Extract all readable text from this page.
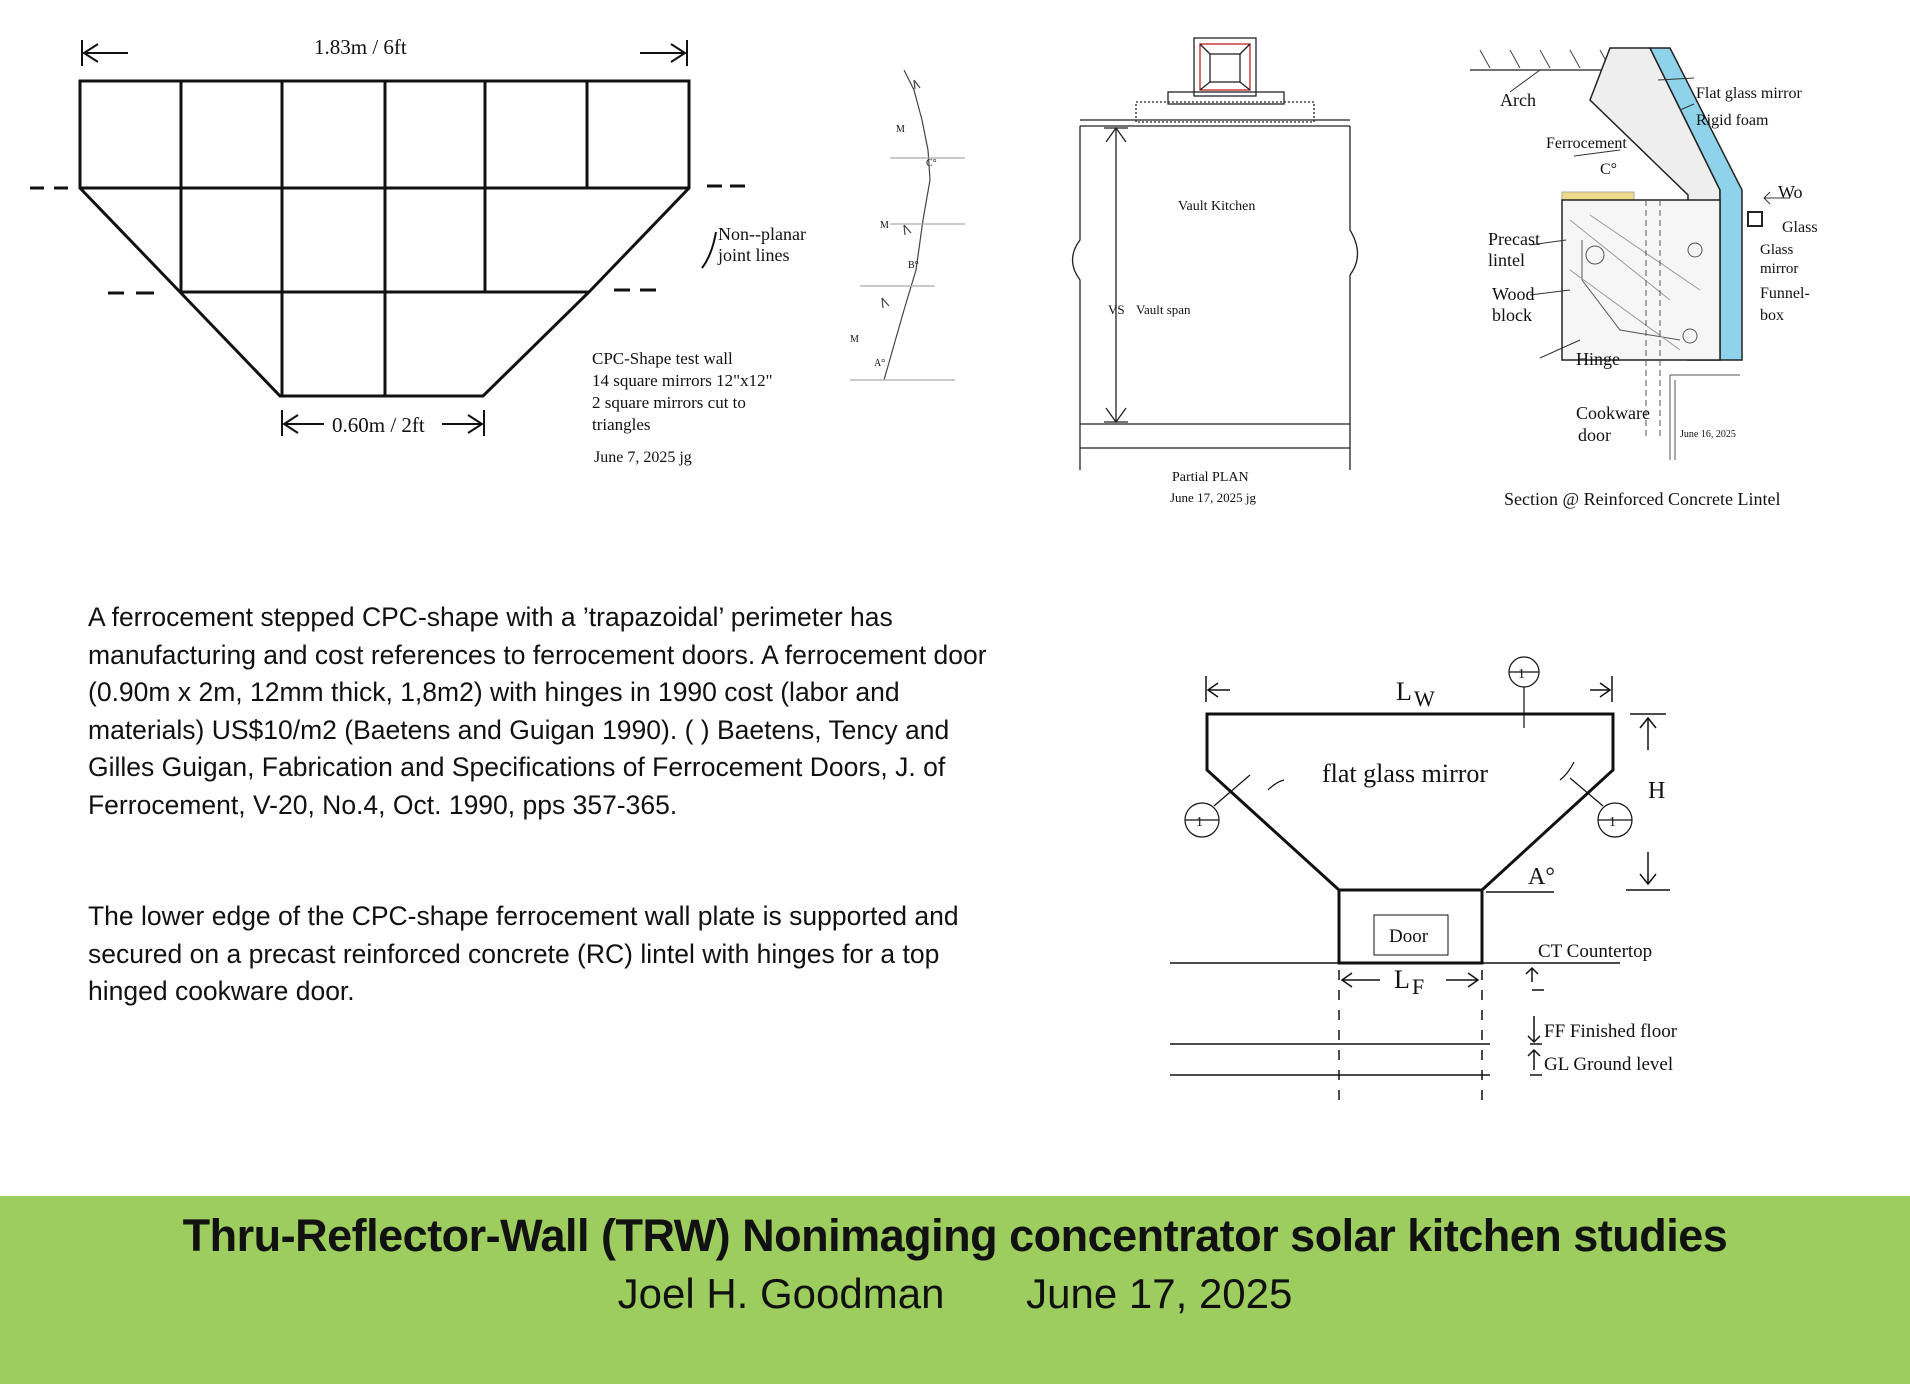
1.83m / 6ft
0.60m / 2ft
Non--planar
joint lines
CPC-Shape test wall
14 square mirrors 12"x12"
2 square mirrors cut to
triangles
June 7, 2025 jg
M
C°
M
B°
M
A°
Vault Kitchen
VS Vault span
Partial PLAN
June 17, 2025 jg
Arch	Flat glass mirror
Rigid foam
Ferrocement
C°
Wo
Glass
Glass
mirror
Funnel-
box
Precast
lintel
Wood
block
Hinge
Cookware
door	June 16, 2025
Section @ Reinforced Concrete Lintel

A ferrocement stepped CPC-shape with a ’trapazoidal’ perimeter has manufacturing and cost references to ferrocement doors. A ferrocement door (0.90m x 2m, 12mm thick, 1,8m2) with hinges in 1990 cost (labor and materials) US$10/m2 (Baetens and Guigan 1990). ( ) Baetens, Tency and Gilles Guigan, Fabrication and Specifications of Ferrocement Doors, J. of Ferrocement, V-20, No.4, Oct. 1990, pps 357-365.

The lower edge of the CPC-shape ferrocement wall plate is supported and secured on a precast reinforced concrete (RC) lintel with hinges for a top hinged cookware door.

1
1	1
L W
flat glass mirror
H
A°
Door
L F
CT Countertop
FF Finished floor
GL Ground level
Thru-Reflector-Wall (TRW) Nonimaging concentrator solar kitchen studies
Joel H. Goodman       June 17, 2025
